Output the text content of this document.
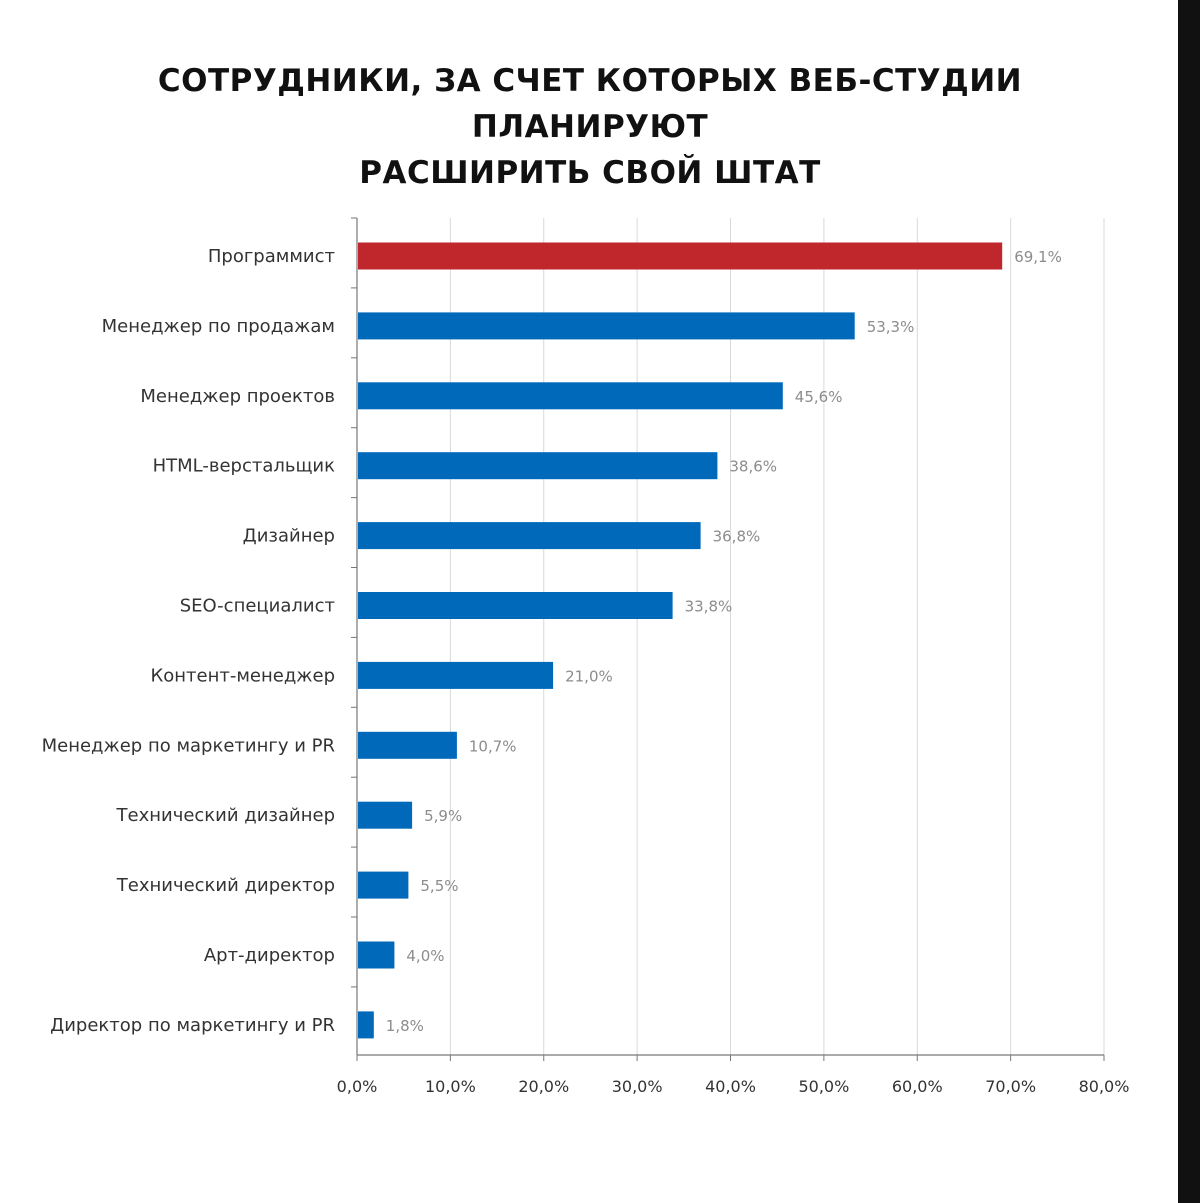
СОТРУДНИКИ, ЗА СЧЕТ КОТОРЫХ ВЕБ-СТУДИИ ПЛАНИРУЮТ
РАСШИРИТЬ СВОЙ ШТАТ
0,0%	10,0%	20,0%	30,0%	40,0%	50,0%	60,0%	70,0%	80,0%
Программист	69,1%
Менеджер по продажам	53,3%
Менеджер проектов	45,6%
HTML-верстальщик	38,6%
Дизайнер	36,8%
SEO-специалист	33,8%
Контент-менеджер	21,0%
Менеджер по маркетингу и PR	10,7%
Технический дизайнер	5,9%
Технический директор	5,5%
Арт-директор	4,0%
Директор по маркетингу и PR	1,8%
